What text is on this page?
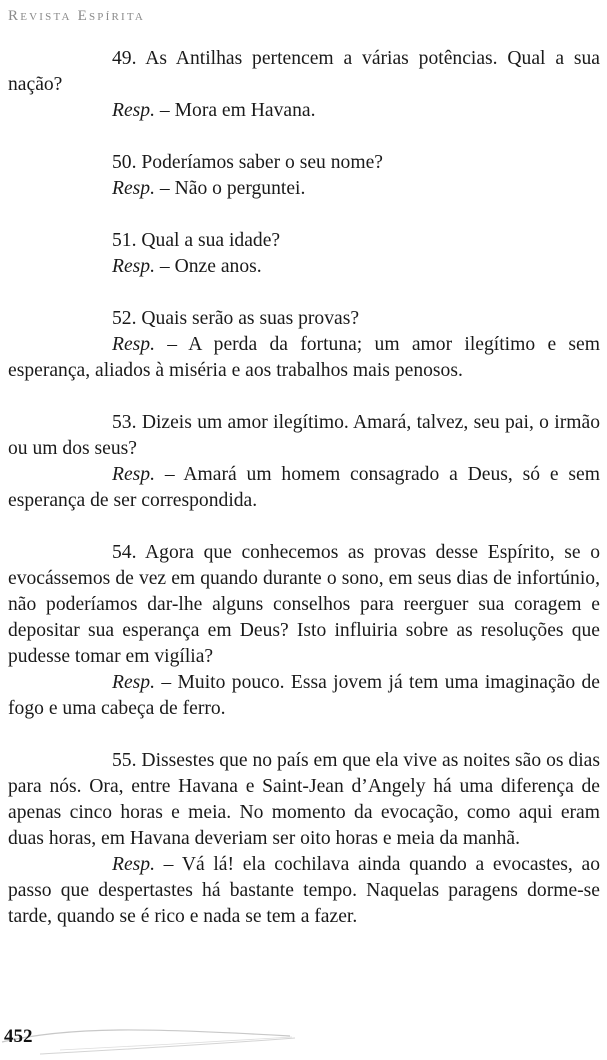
Revista Espírita

49. As Antilhas pertencem a várias potências. Qual a sua nação?

Resp. – Mora em Havana.

50. Poderíamos saber o seu nome?

Resp. – Não o perguntei.

51. Qual a sua idade?

Resp. – Onze anos.

52. Quais serão as suas provas?

Resp. – A perda da fortuna; um amor ilegítimo e sem esperança, aliados à miséria e aos trabalhos mais penosos.

53. Dizeis um amor ilegítimo. Amará, talvez, seu pai, o irmão ou um dos seus?

Resp. – Amará um homem consagrado a Deus, só e sem esperança de ser correspondida.

54. Agora que conhecemos as provas desse Espírito, se o evocássemos de vez em quando durante o sono, em seus dias de infortúnio, não poderíamos dar-lhe alguns conselhos para reerguer sua coragem e depositar sua esperança em Deus? Isto influiria sobre as resoluções que pudesse tomar em vigília?

Resp. – Muito pouco. Essa jovem já tem uma imaginação de fogo e uma cabeça de ferro.

55. Dissestes que no país em que ela vive as noites são os dias para nós. Ora, entre Havana e Saint-Jean d’Angely há uma diferença de apenas cinco horas e meia. No momento da evocação, como aqui eram duas horas, em Havana deveriam ser oito horas e meia da manhã.

Resp. – Vá lá! ela cochilava ainda quando a evocastes, ao passo que despertastes há bastante tempo. Naquelas paragens dorme-se tarde, quando se é rico e nada se tem a fazer.

452
